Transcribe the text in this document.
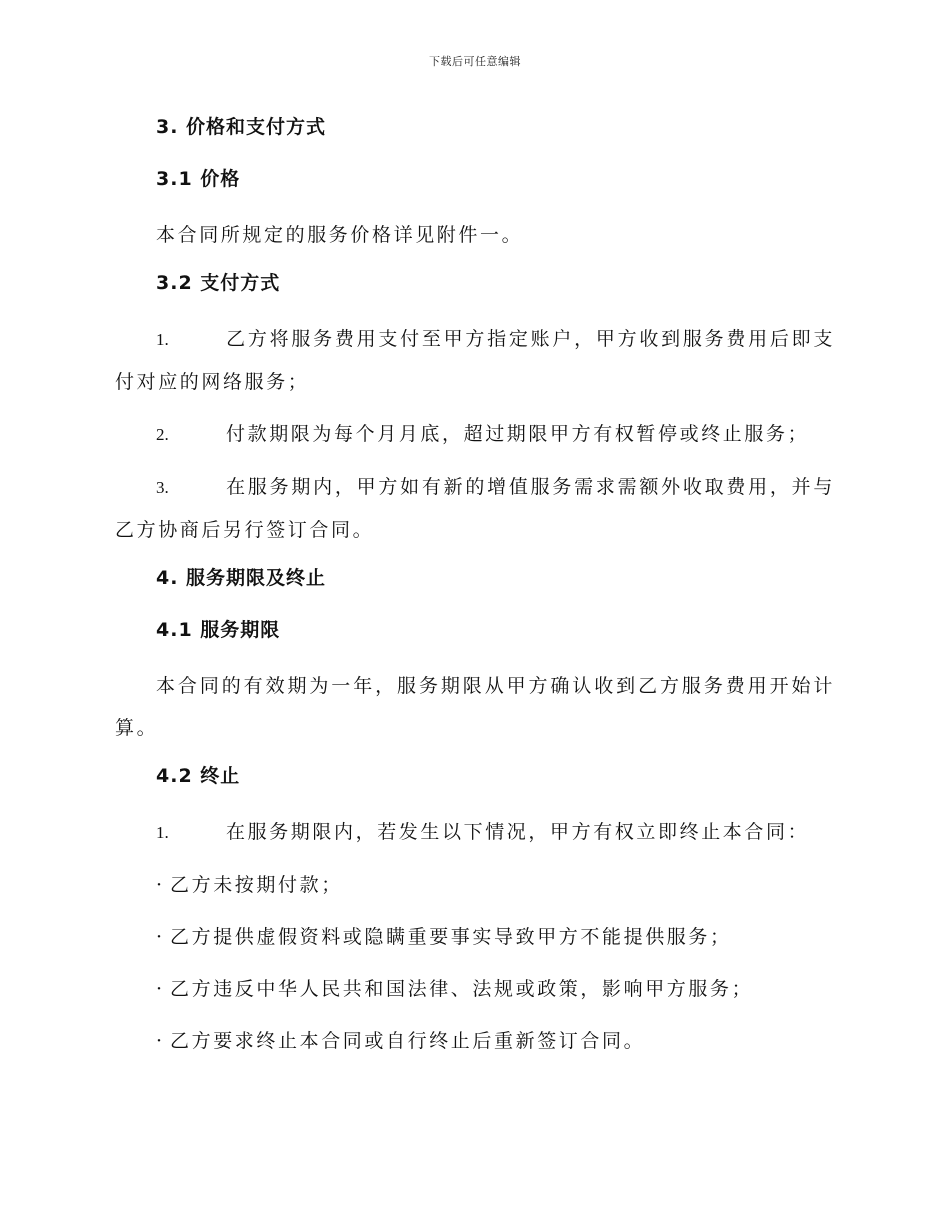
下载后可任意编辑
3. 价格和支付方式
3.1 价格
本合同所规定的服务价格详见附件一。
3.2 支付方式
1.	乙方将服务费用支付至甲方指定账户，甲方收到服务费用后即支付对应的网络服务；
2.	付款期限为每个月月底，超过期限甲方有权暂停或终止服务；
3.	在服务期内，甲方如有新的增值服务需求需额外收取费用，并与乙方协商后另行签订合同。
4. 服务期限及终止
4.1 服务期限
本合同的有效期为一年，服务期限从甲方确认收到乙方服务费用开始计算。
4.2 终止
1.	在服务期限内，若发生以下情况，甲方有权立即终止本合同：
· 乙方未按期付款；
· 乙方提供虚假资料或隐瞒重要事实导致甲方不能提供服务；
· 乙方违反中华人民共和国法律、法规或政策，影响甲方服务；
· 乙方要求终止本合同或自行终止后重新签订合同。
